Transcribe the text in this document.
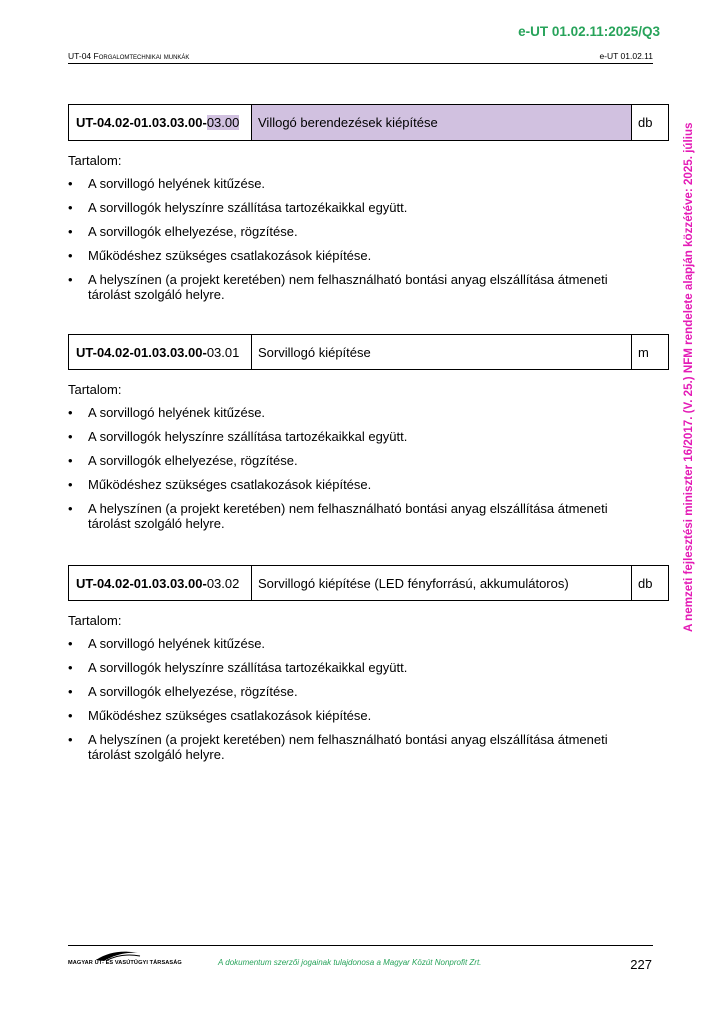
e-UT 01.02.11:2025/Q3
UT-04 Forgalomtechnikai munkák	e-UT 01.02.11
A nemzeti fejlesztési miniszter 16/2017. (V. 25.) NFM rendelete alapján közzétéve: 2025. július
UT-04.02-01.03.03.00- 03.00	Villogó berendezések kiépítése	db
Tartalom:
• A sorvillogó helyének kitűzése.
• A sorvillogók helyszínre szállítása tartozékaikkal együtt.
• A sorvillogók elhelyezése, rögzítése.
• Működéshez szükséges csatlakozások kiépítése.
• A helyszínen (a projekt keretében) nem felhasználható bontási anyag elszállítása átmeneti tárolást szolgáló helyre.
UT-04.02-01.03.03.00- 03.01	Sorvillogó kiépítése	m
Tartalom:
• A sorvillogó helyének kitűzése.
• A sorvillogók helyszínre szállítása tartozékaikkal együtt.
• A sorvillogók elhelyezése, rögzítése.
• Működéshez szükséges csatlakozások kiépítése.
• A helyszínen (a projekt keretében) nem felhasználható bontási anyag elszállítása átmeneti tárolást szolgáló helyre.
UT-04.02-01.03.03.00- 03.02	Sorvillogó kiépítése (LED fényforrású, akkumulátoros)	db
Tartalom:
• A sorvillogó helyének kitűzése.
• A sorvillogók helyszínre szállítása tartozékaikkal együtt.
• A sorvillogók elhelyezése, rögzítése.
• Működéshez szükséges csatlakozások kiépítése.
• A helyszínen (a projekt keretében) nem felhasználható bontási anyag elszállítása átmeneti tárolást szolgáló helyre.
MAGYAR ÚT- ÉS VASÚTÜGYI TÁRSASÁG	A dokumentum szerzői jogainak tulajdonosa a Magyar Közút Nonprofit Zrt.	227
